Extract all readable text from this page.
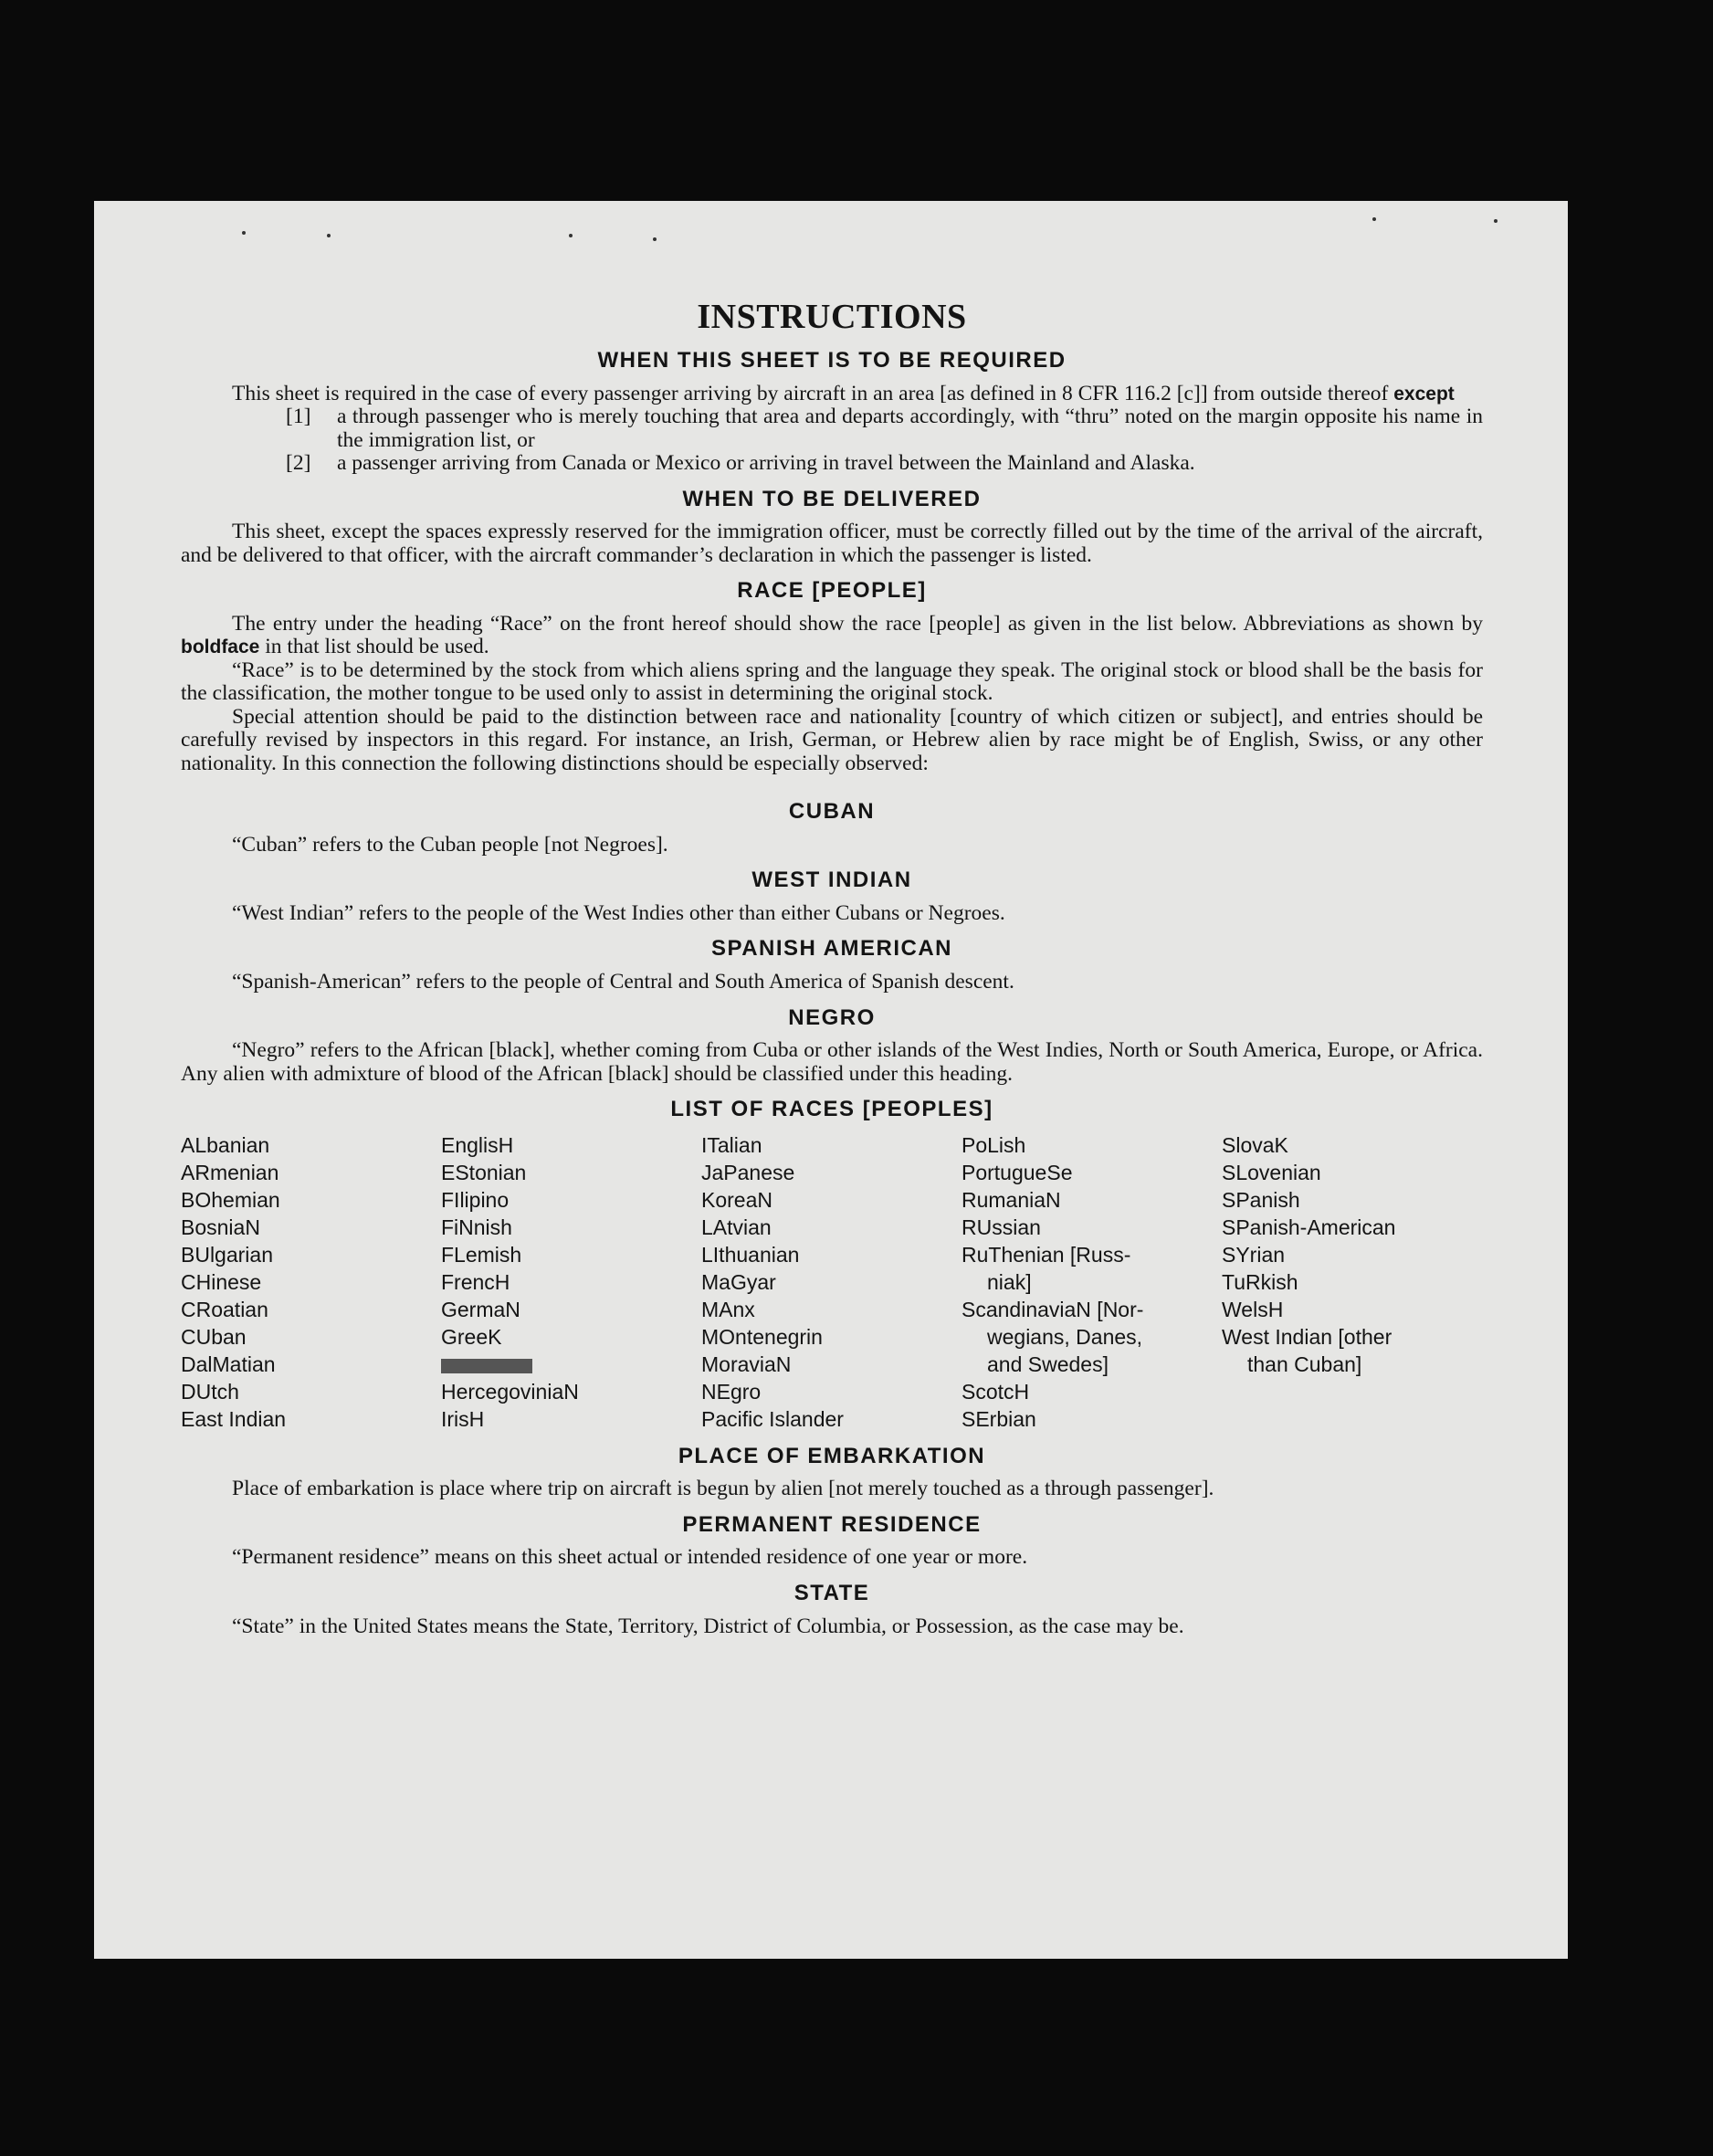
INSTRUCTIONS
WHEN THIS SHEET IS TO BE REQUIRED

This sheet is required in the case of every passenger arriving by aircraft in an area [as defined in 8 CFR 116.2 [c]] from outside thereof except

[1]	a through passenger who is merely touching that area and departs accordingly, with “thru” noted on the margin opposite his name in the immigration list, or
[2]	a passenger arriving from Canada or Mexico or arriving in travel between the Mainland and Alaska.
WHEN TO BE DELIVERED

This sheet, except the spaces expressly reserved for the immigration officer, must be correctly filled out by the time of the arrival of the aircraft, and be delivered to that officer, with the aircraft commander’s declaration in which the passenger is listed.

RACE [PEOPLE]

The entry under the heading “Race” on the front hereof should show the race [people] as given in the list below. Abbreviations as shown by boldface in that list should be used.

“Race” is to be determined by the stock from which aliens spring and the language they speak. The original stock or blood shall be the basis for the classification, the mother tongue to be used only to assist in determining the original stock.

Special attention should be paid to the distinction between race and nationality [country of which citizen or subject], and entries should be carefully revised by inspectors in this regard. For instance, an Irish, German, or Hebrew alien by race might be of English, Swiss, or any other nationality. In this connection the following distinctions should be especially observed:

CUBAN

“Cuban” refers to the Cuban people [not Negroes].

WEST INDIAN

“West Indian” refers to the people of the West Indies other than either Cubans or Negroes.

SPANISH AMERICAN

“Spanish-American” refers to the people of Central and South America of Spanish descent.

NEGRO

“Negro” refers to the African [black], whether coming from Cuba or other islands of the West Indies, North or South America, Europe, or Africa. Any alien with admixture of blood of the African [black] should be classified under this heading.

LIST OF RACES [PEOPLES]
ALbanian
ARmenian
BOhemian
BosniaN
BUlgarian
CHinese
CRoatian
CUban
DalMatian
DUtch
East Indian
EnglisH
EStonian
FIlipino
FiNnish
FLemish
FrencH
GermaN
GreeK
HercegoviniaN
IrisH
ITalian
JaPanese
KoreaN
LAtvian
LIthuanian
MaGyar
MAnx
MOntenegrin
MoraviaN
NEgro
Pacific Islander
PoLish
PortugueSe
RumaniaN
RUssian
RuThenian [Russ-
niak]
ScandinaviaN [Nor-
wegians, Danes,
and Swedes]
ScotcH
SErbian
SlovaK
SLovenian
SPanish
SPanish-American
SYrian
TuRkish
WelsH
West Indian [other
than Cuban]
PLACE OF EMBARKATION

Place of embarkation is place where trip on aircraft is begun by alien [not merely touched as a through passenger].

PERMANENT RESIDENCE

“Permanent residence” means on this sheet actual or intended residence of one year or more.

STATE

“State” in the United States means the State, Territory, District of Columbia, or Possession, as the case may be.
